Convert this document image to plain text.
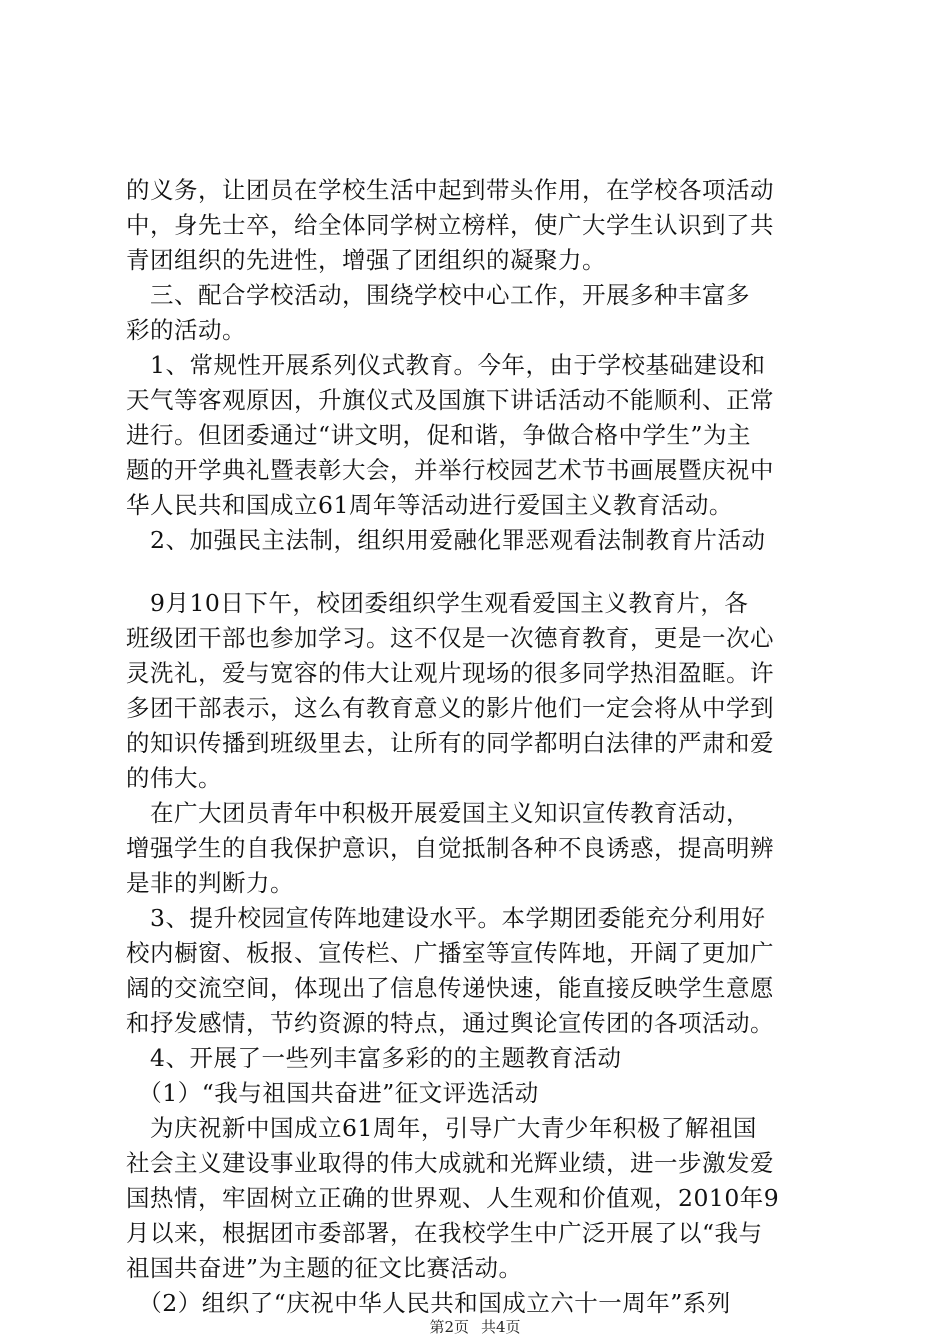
的义务，让团员在学校生活中起到带头作用，在学校各项活动
中，身先士卒，给全体同学树立榜样，使广大学生认识到了共
青团组织的先进性，增强了团组织的凝聚力。
　三、配合学校活动，围绕学校中心工作，开展多种丰富多
彩的活动。
　1、常规性开展系列仪式教育。今年，由于学校基础建设和
天气等客观原因，升旗仪式及国旗下讲话活动不能顺利、正常
进行。但团委通过“讲文明，促和谐，争做合格中学生”为主
题的开学典礼暨表彰大会，并举行校园艺术节书画展暨庆祝中
华人民共和国成立61周年等活动进行爱国主义教育活动。
　2、加强民主法制，组织用爱融化罪恶观看法制教育片活动
　9月10日下午，校团委组织学生观看爱国主义教育片，各
班级团干部也参加学习。这不仅是一次德育教育，更是一次心
灵洗礼，爱与宽容的伟大让观片现场的很多同学热泪盈眶。许
多团干部表示，这么有教育意义的影片他们一定会将从中学到
的知识传播到班级里去，让所有的同学都明白法律的严肃和爱
的伟大。
　在广大团员青年中积极开展爱国主义知识宣传教育活动，
增强学生的自我保护意识，自觉抵制各种不良诱惑，提高明辨
是非的判断力。
　3、提升校园宣传阵地建设水平。本学期团委能充分利用好
校内橱窗、板报、宣传栏、广播室等宣传阵地，开阔了更加广
阔的交流空间，体现出了信息传递快速，能直接反映学生意愿
和抒发感情，节约资源的特点，通过舆论宣传团的各项活动。
　4、开展了一些列丰富多彩的的主题教育活动
　（1）“我与祖国共奋进”征文评选活动
　为庆祝新中国成立61周年，引导广大青少年积极了解祖国
社会主义建设事业取得的伟大成就和光辉业绩，进一步激发爱
国热情，牢固树立正确的世界观、人生观和价值观，2010年9
月以来，根据团市委部署，在我校学生中广泛开展了以“我与
祖国共奋进”为主题的征文比赛活动。
　（2）组织了“庆祝中华人民共和国成立六十一周年”系列
第2页 共4页
